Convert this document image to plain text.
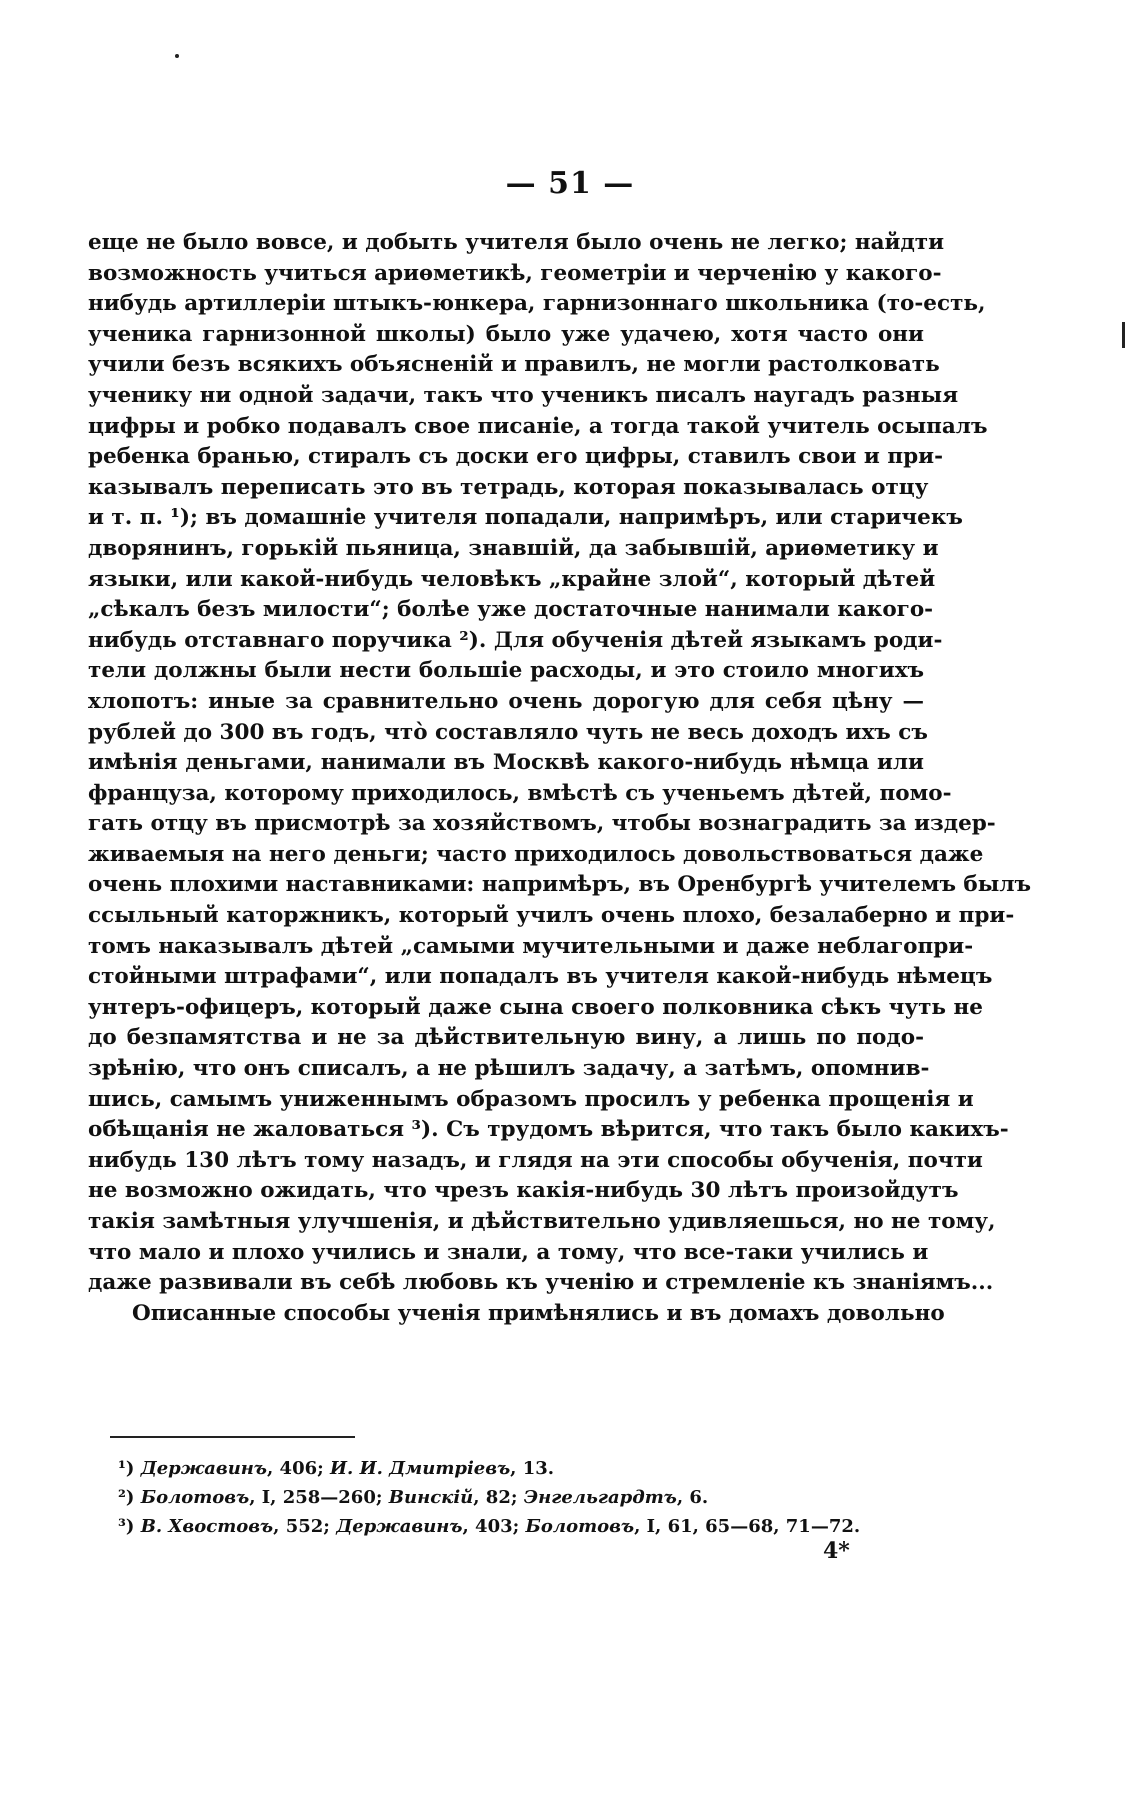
— 51 —
еще не было вовсе, и добыть учителя было очень не легко; найдти
возможность учиться ариѳметикѣ, геометріи и черченію у какого-
нибудь артиллеріи штыкъ-юнкера, гарнизоннаго школьника (то-есть,
ученика гарнизонной школы) было уже удачею, хотя часто они
учили безъ всякихъ объясненій и правилъ, не могли растолковать
ученику ни одной задачи, такъ что ученикъ писалъ наугадъ разныя
цифры и робко подавалъ свое писаніе, а тогда такой учитель осыпалъ
ребенка бранью, стиралъ съ доски его цифры, ставилъ свои и при-
казывалъ переписать это въ тетрадь, которая показывалась отцу
и т. п. ¹); въ домашніе учителя попадали, напримѣръ, или старичекъ
дворянинъ, горькій пьяница, знавшій, да забывшій, ариѳметику и
языки, или какой-нибудь человѣкъ „крайне злой“, который дѣтей
„сѣкалъ безъ милости“; болѣе уже достаточные нанимали какого-
нибудь отставнаго поручика ²). Для обученія дѣтей языкамъ роди-
тели должны были нести большіе расходы, и это стоило многихъ
хлопотъ: иные за сравнительно очень дорогую для себя цѣну —
рублей до 300 въ годъ, что̀ составляло чуть не весь доходъ ихъ съ
имѣнія деньгами, нанимали въ Москвѣ какого-нибудь нѣмца или
француза, которому приходилось, вмѣстѣ съ ученьемъ дѣтей, помо-
гать отцу въ присмотрѣ за хозяйствомъ, чтобы вознаградить за издер-
живаемыя на него деньги; часто приходилось довольствоваться даже
очень плохими наставниками: напримѣръ, въ Оренбургѣ учителемъ былъ
ссыльный каторжникъ, который училъ очень плохо, безалаберно и при-
томъ наказывалъ дѣтей „самыми мучительными и даже неблагопри-
стойными штрафами“, или попадалъ въ учителя какой-нибудь нѣмецъ
унтеръ-офицеръ, который даже сына своего полковника сѣкъ чуть не
до безпамятства и не за дѣйствительную вину, а лишь по подо-
зрѣнію, что онъ списалъ, а не рѣшилъ задачу, а затѣмъ, опомнив-
шись, самымъ униженнымъ образомъ просилъ у ребенка прощенія и
обѣщанія не жаловаться ³). Съ трудомъ вѣрится, что такъ было какихъ-
нибудь 130 лѣтъ тому назадъ, и глядя на эти способы обученія, почти
не возможно ожидать, что чрезъ какія-нибудь 30 лѣтъ произойдутъ
такія замѣтныя улучшенія, и дѣйствительно удивляешься, но не тому,
что мало и плохо учились и знали, а тому, что все-таки учились и
даже развивали въ себѣ любовь къ ученію и стремленіе къ знаніямъ...
Описанные способы ученія примѣнялись и въ домахъ довольно
¹) Державинъ, 406; И. И. Дмитріевъ, 13.
²) Болотовъ, I, 258—260; Винскій, 82; Энгельгардтъ, 6.
³) В. Хвостовъ, 552; Державинъ, 403; Болотовъ, I, 61, 65—68, 71—72.
4*
